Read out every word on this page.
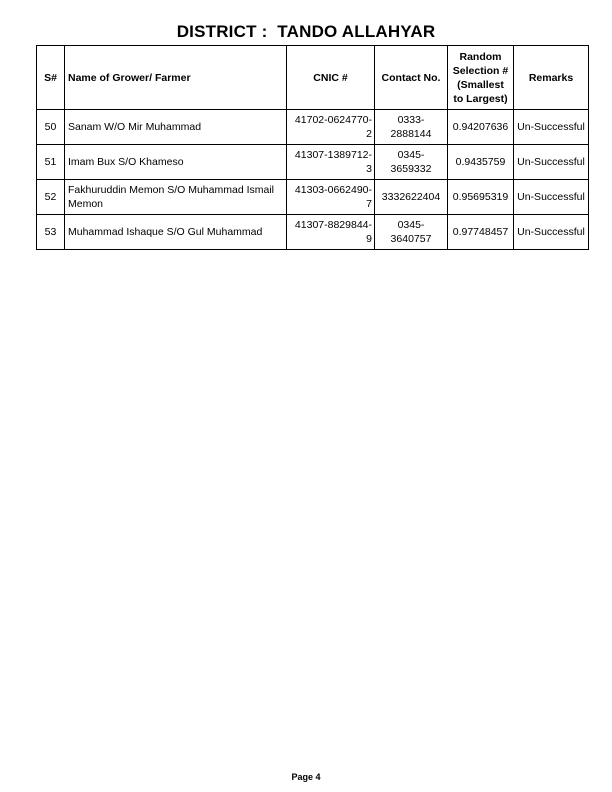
DISTRICT :  TANDO ALLAHYAR
S#	Name of Grower/ Farmer	CNIC #	Contact No.	Random Selection # (Smallest to Largest)	Remarks
50	Sanam W/O Mir Muhammad	41702-0624770-2	0333-2888144	0.94207636	Un-Successful
51	Imam Bux S/O Khameso	41307-1389712-3	0345-3659332	0.9435759	Un-Successful
52	Fakhuruddin Memon S/O Muhammad Ismail Memon	41303-0662490-7	3332622404	0.95695319	Un-Successful
53	Muhammad Ishaque S/O Gul Muhammad	41307-8829844-9	0345-3640757	0.97748457	Un-Successful
Page 4
